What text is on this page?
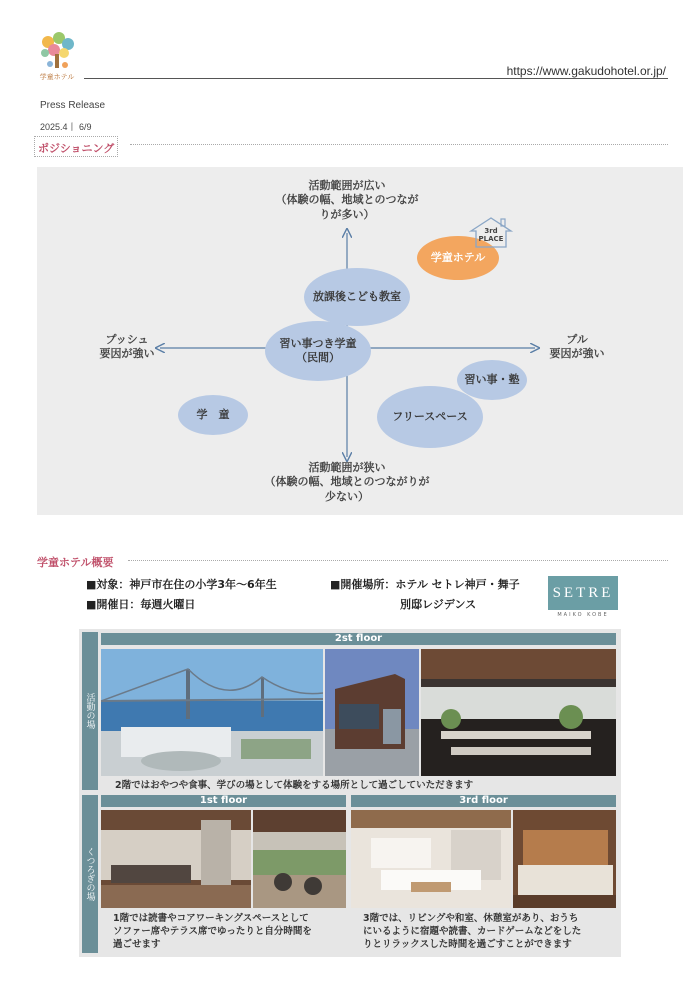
学童ホテル	https://www.gakudohotel.or.jp/
Press Release
2025.4丨 6/9
ポジショニング
活動範囲が広い
（体験の幅、地域とのつなが
りが多い）
活動範囲が狭い
（体験の幅、地域とのつながりが
少ない）
プッシュ
要因が強い
プル
要因が強い
放課後こども教室
習い事つき学童
（民間）
習い事・塾
フリースペース
学　童
学童ホテル
3rd
PLACE
学童ホテル概要
■対象：神戸市在住の小学3年〜6年生
■開催日：毎週火曜日
■開催場所：ホテル セトレ神戸・舞子
別邸レジデンス
SETRE
MAIKO KOBE
活動の場
くつろぎの場
2st floor
2階ではおやつや食事、学びの場として体験をする場所として過ごしていただきます
1st floor	3rd floor
1階では読書やコアワーキングスペースとして
ソファー席やテラス席でゆったりと自分時間を
過ごせます
3階では、リビングや和室、休憩室があり、おうち
にいるように宿題や読書、カードゲームなどをした
りとリラックスした時間を過ごすことができます
